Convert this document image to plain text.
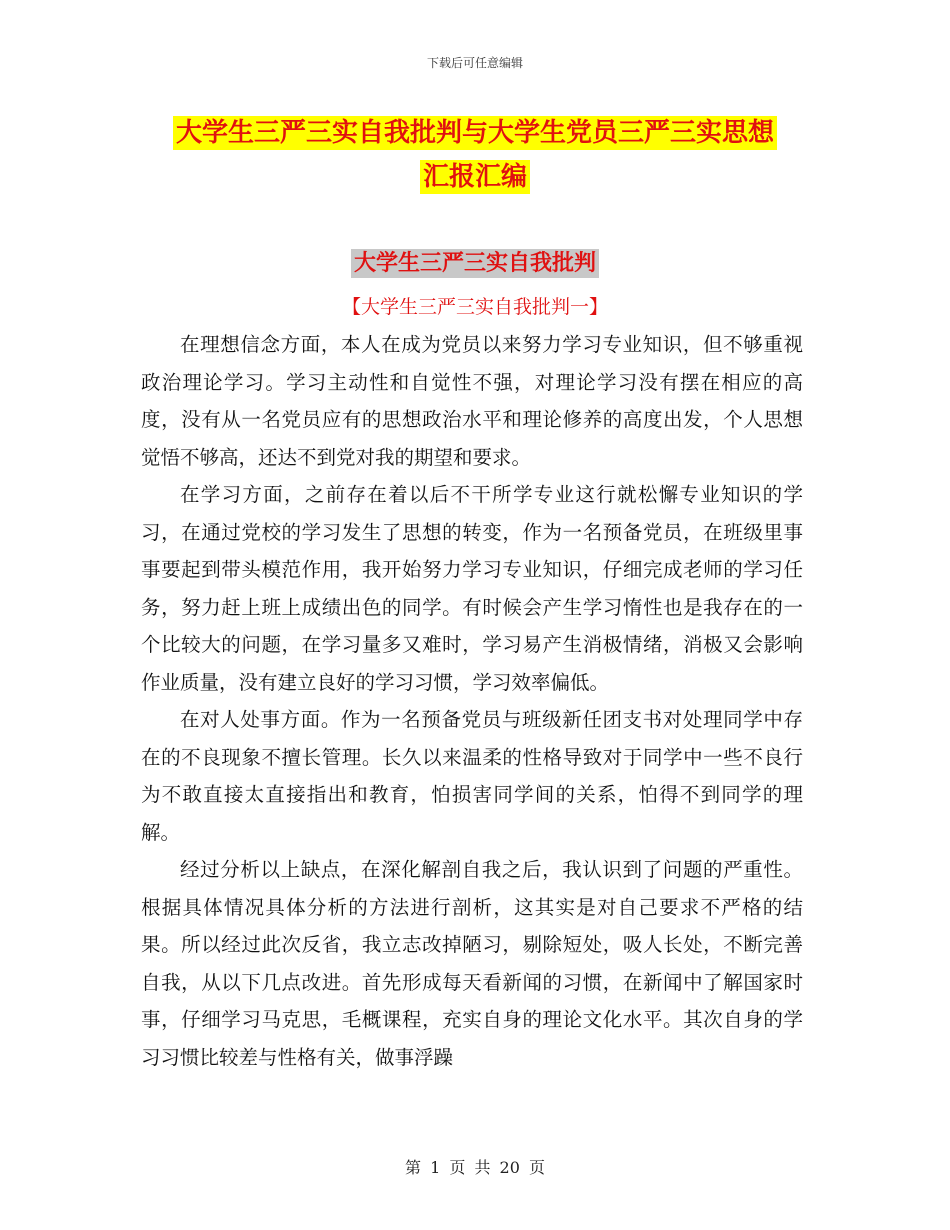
下载后可任意编辑
大学生三严三实自我批判与大学生党员三严三实思想
汇报汇编
大学生三严三实自我批判
【大学生三严三实自我批判一】

在理想信念方面，本人在成为党员以来努力学习专业知识，但不够重视政治理论学习。学习主动性和自觉性不强，对理论学习没有摆在相应的高度，没有从一名党员应有的思想政治水平和理论修养的高度出发，个人思想觉悟不够高，还达不到党对我的期望和要求。

在学习方面，之前存在着以后不干所学专业这行就松懈专业知识的学习，在通过党校的学习发生了思想的转变，作为一名预备党员，在班级里事事要起到带头模范作用，我开始努力学习专业知识，仔细完成老师的学习任务，努力赶上班上成绩出色的同学。有时候会产生学习惰性也是我存在的一个比较大的问题，在学习量多又难时，学习易产生消极情绪，消极又会影响作业质量，没有建立良好的学习习惯，学习效率偏低。

在对人处事方面。作为一名预备党员与班级新任团支书对处理同学中存在的不良现象不擅长管理。长久以来温柔的性格导致对于同学中一些不良行为不敢直接太直接指出和教育，怕损害同学间的关系，怕得不到同学的理解。

经过分析以上缺点，在深化解剖自我之后，我认识到了问题的严重性。根据具体情况具体分析的方法进行剖析，这其实是对自己要求不严格的结果。所以经过此次反省，我立志改掉陋习，剔除短处，吸人长处，不断完善自我，从以下几点改进。首先形成每天看新闻的习惯，在新闻中了解国家时事，仔细学习马克思，毛概课程，充实自身的理论文化水平。其次自身的学习习惯比较差与性格有关，做事浮躁

第 1 页 共 20 页
